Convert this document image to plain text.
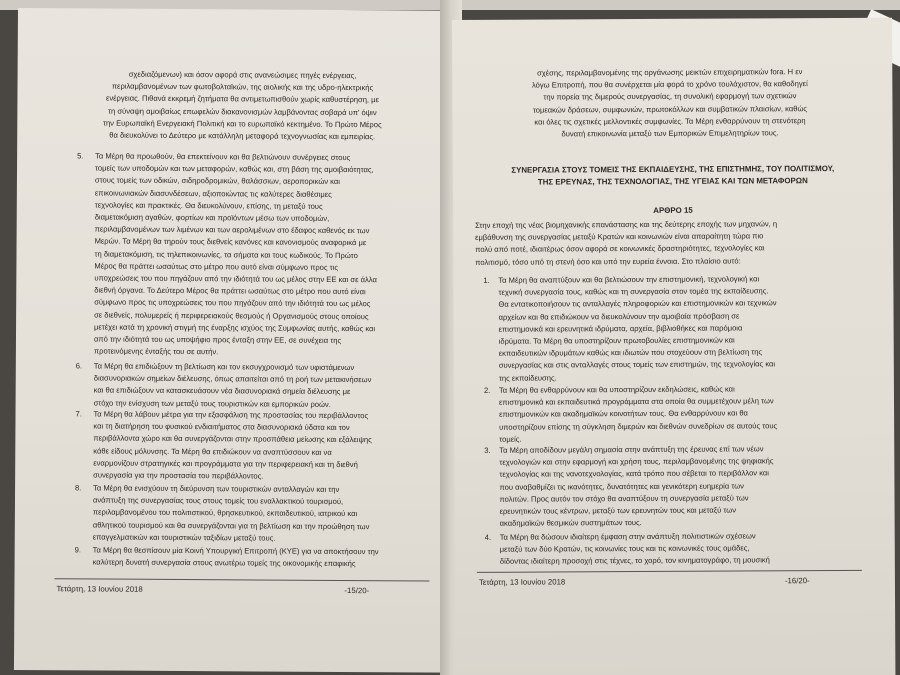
σχεδιαζόμενων) και όσον αφορά στις ανανεώσιμες πηγές ενέργειας,

περιλαμβανομένων των φωτοβολταϊκών, της αιολικής και της υδρο-ηλεκτρικής

ενέργειας. Πιθανά εκκρεμή ζητήματα θα αντιμετωπισθούν χωρίς καθυστέρηση, με

τη σύναψη αμοιβαίως επωφελών διακανονισμών λαμβάνοντας σοβαρά υπ' όψιν

την Ευρωπαϊκή Ενεργειακή Πολιτική και το ευρωπαϊκό κεκτημένο. Το Πρώτο Μέρος

θα διευκολύνει το Δεύτερο με κατάλληλη μεταφορά τεχνογνωσίας και εμπειρίας.

5. Τα Μέρη θα προωθούν, θα επεκτείνουν και θα βελτιώνουν συνέργειες στους

τομείς των υποδομών και των μεταφορών, καθώς και, στη βάση της αμοιβαιότητας,

στους τομείς των οδικών, σιδηροδρομικών, θαλάσσιων, αεροπορικών και

επικοινωνιακών διασυνδέσεων, αξιοποιώντας τις καλύτερες διαθέσιμες

τεχνολογίες και πρακτικές. Θα διευκολύνουν, επίσης, τη μεταξύ τους

διαμετακόμιση αγαθών, φορτίων και προϊόντων μέσω των υποδομών,

περιλαμβανομένων των λιμένων και των αερολιμένων στο έδαφος καθενός εκ των

Μερών. Τα Μέρη θα τηρούν τους διεθνείς κανόνες και κανονισμούς αναφορικά με

τη διαμετακόμιση, τις τηλεπικοινωνίες, τα σήματα και τους κωδικούς. Το Πρώτο

Μέρος θα πράττει ωσαύτως στο μέτρο που αυτό είναι σύμφωνο προς τις

υποχρεώσεις του που πηγάζουν από την ιδιότητά του ως μέλος στην ΕΕ και σε άλλα

διεθνή όργανα. Το Δεύτερο Μέρος θα πράττει ωσαύτως στο μέτρο που αυτό είναι

σύμφωνο προς τις υποχρεώσεις του που πηγάζουν από την ιδιότητά του ως μέλος

σε διεθνείς, πολυμερείς ή περιφερειακούς θεσμούς ή Οργανισμούς στους οποίους

μετέχει κατά τη χρονική στιγμή της έναρξης ισχύος της Συμφωνίας αυτής, καθώς και

από την ιδιότητά του ως υποψήφιο προς ένταξη στην ΕΕ, σε συνέχεια της

προτεινόμενης ένταξής του σε αυτήν.

6. Τα Μέρη θα επιδιώξουν τη βελτίωση και τον εκσυγχρονισμό των υφιστάμενων

διασυνοριακών σημείων διέλευσης, όπως απαιτείται από τη ροή των μετακινήσεων

και θα επιδιώξουν να κατασκευάσουν νέα διασυνοριακά σημεία διέλευσης με

στόχο την ενίσχυση των μεταξύ τους τουριστικών και εμπορικών ροών.

7. Τα Μέρη θα λάβουν μέτρα για την εξασφάλιση της προστασίας του περιβάλλοντος

και τη διατήρηση του φυσικού ενδιαιτήματος στα διασυνοριακά ύδατα και τον

περιβάλλοντα χώρο και θα συνεργάζονται στην προσπάθεια μείωσης και εξάλειψης

κάθε είδους μόλυνσης. Τα Μέρη θα επιδιώκουν να αναπτύσσουν και να

εναρμονίζουν στρατηγικές και προγράμματα για την περιφερειακή και τη διεθνή

συνεργασία για την προστασία του περιβάλλοντος.

8. Τα Μέρη θα ενισχύουν τη διεύρυνση των τουριστικών ανταλλαγών και την

ανάπτυξη της συνεργασίας τους στους τομείς του εναλλακτικού τουρισμού,

περιλαμβανομένου του πολιτιστικού, θρησκευτικού, εκπαιδευτικού, ιατρικού και

αθλητικού τουρισμού και θα συνεργάζονται για τη βελτίωση και την προώθηση των

επαγγελματικών και τουριστικών ταξιδίων μεταξύ τους.

9. Τα Μέρη θα θεσπίσουν μία Κοινή Υπουργική Επιτροπή (ΚΥΕ) για να αποκτήσουν την

καλύτερη δυνατή συνεργασία στους ανωτέρω τομείς της οικονομικής επαφικής

Τετάρτη, 13 Ιουνίου 2018	-15/20-

σχέσης, περιλαμβανομένης της οργάνωσης μεικτών επιχειρηματικών fora. Η εν

λόγω Επιτροπή, που θα συνέρχεται μία φορά το χρόνο τουλάχιστον, θα καθοδηγεί

την πορεία της διμερούς συνεργασίας, τη συνολική εφαρμογή των σχετικών

τομεακών δράσεων, συμφωνιών, πρωτοκόλλων και συμβατικών πλαισίων, καθώς

και όλες τις σχετικές μελλοντικές συμφωνίες. Τα Μέρη ενθαρρύνουν τη στενότερη

δυνατή επικοινωνία μεταξύ των Εμπορικών Επιμελητηρίων τους.

ΣΥΝΕΡΓΑΣΙΑ ΣΤΟΥΣ ΤΟΜΕΙΣ ΤΗΣ ΕΚΠΑΙΔΕΥΣΗΣ, ΤΗΣ ΕΠΙΣΤΗΜΗΣ, ΤΟΥ ΠΟΛΙΤΙΣΜΟΥ,
ΤΗΣ ΕΡΕΥΝΑΣ, ΤΗΣ ΤΕΧΝΟΛΟΓΙΑΣ, ΤΗΣ ΥΓΕΙΑΣ ΚΑΙ ΤΩΝ ΜΕΤΑΦΟΡΩΝ
ΑΡΘΡΟ 15

Στην εποχή της νέας βιομηχανικής επανάστασης και της δεύτερης εποχής των μηχανών, η

εμβάθυνση της συνεργασίας μεταξύ Κρατών και κοινωνιών είναι απαραίτητη τώρα πιο

πολύ από ποτέ, ιδιαιτέρως όσον αφορά σε κοινωνικές δραστηριότητες, τεχνολογίες και

πολιτισμό, τόσο υπό τη στενή όσο και υπό την ευρεία έννοια. Στο πλαίσιο αυτό:

1. Τα Μέρη θα αναπτύξουν και θα βελτιώσουν την επιστημονική, τεχνολογική και

τεχνική συνεργασία τους, καθώς και τη συνεργασία στον τομέα της εκπαίδευσης.

Θα εντατικοποιήσουν τις ανταλλαγές πληροφοριών και επιστημονικών και τεχνικών

αρχείων και θα επιδιώκουν να διευκολύνουν την αμοιβαία πρόσβαση σε

επιστημονικά και ερευνητικά ιδρύματα, αρχεία, βιβλιοθήκες και παρόμοια

ιδρύματα. Τα Μέρη θα υποστηρίζουν πρωτοβουλίες επιστημονικών και

εκπαιδευτικών ιδρυμάτων καθώς και ιδιωτών που στοχεύουν στη βελτίωση της

συνεργασίας και στις ανταλλαγές στους τομείς των επιστημών, της τεχνολογίας και

της εκπαίδευσης.

2. Τα Μέρη θα ενθαρρύνουν και θα υποστηρίζουν εκδηλώσεις, καθώς και

επιστημονικά και εκπαιδευτικά προγράμματα στα οποία θα συμμετέχουν μέλη των

επιστημονικών και ακαδημαϊκών κοινοτήτων τους. Θα ενθαρρύνουν και θα

υποστηρίζουν επίσης τη σύγκληση διμερών και διεθνών συνεδρίων σε αυτούς τους

τομείς.

3. Τα Μέρη αποδίδουν μεγάλη σημασία στην ανάπτυξη της έρευνας επί των νέων

τεχνολογιών και στην εφαρμογή και χρήση τους, περιλαμβανομένης της ψηφιακής

τεχνολογίας και της νανοτεχνολογίας, κατά τρόπο που σέβεται το περιβάλλον και

που αναβαθμίζει τις ικανότητες, δυνατότητες και γενικότερη ευημερία των

πολιτών. Προς αυτόν τον στόχο θα αναπτύξουν τη συνεργασία μεταξύ των

ερευνητικών τους κέντρων, μεταξύ των ερευνητών τους και μεταξύ των

ακαδημαϊκών θεσμικών συστημάτων τους.

4. Τα Μέρη θα δώσουν ιδιαίτερη έμφαση στην ανάπτυξη πολιτιστικών σχέσεων

μεταξύ των δύο Κρατών, τις κοινωνίες τους και τις κοινωνικές τους ομάδες,

δίδοντας ιδιαίτερη προσοχή στις τέχνες, το χορό, τον κινηματογράφο, τη μουσική

Τετάρτη, 13 Ιουνίου 2018	-16/20-
